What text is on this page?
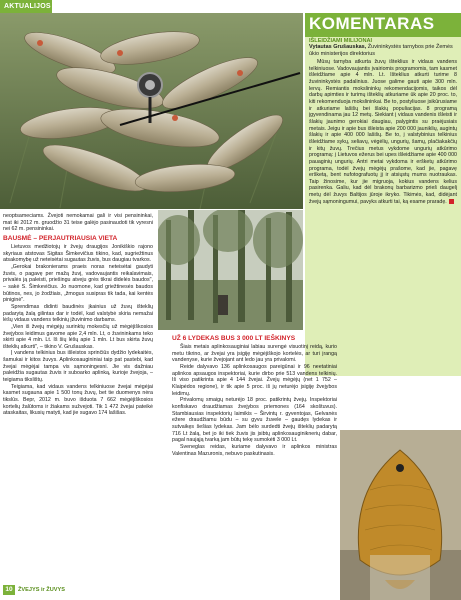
AKTUALIJOS
KOMENTARAS
IŠLEIDŽIAMI MILIJONAI
Vytautas Grušauskas, Žuvininkystės tarnybos prie Žemės ūkio ministerijos direktorius
Mūsų tarnyba atkurta žuvų išteklius ir vidaus vandens telkiniuose. Vadovaujantis įvairiomis programomis, tam kasmet išleidžiame apie 4 mln. Lt. Išteklius atkurti turime 8 žuvininkystės padalinius. Juose galime gauti apie 300 mln. lervų. Remiantis mokslininkų rekomendacijomis, taikos dėl darbų apimties ir turimų išteklių atkuriame ūk apie 20 proc. to, kiti rekomenduoja mokslininkai. Be to, postyliuose įsikūrusiame ir atkuriame lašišų bei šlakių populiacijas. 8 programą įgyvendinama jau 12 metų. Siekiant į vidaus vandenis išleisti ir šlakių jaunimo gerokiai daugiau, palygintis su praėjusiais metais. Jeigu ir apie bus išleista apie 200 000 jauniklių, augintų šlakių ir apie 400 000 lašišų. Be to, į valstybinius telkinius išleidžiame sykų, seliavų, vėgėlių, ungurių, šamų, plačiakakčių ir kitų žuvų. Trečius metus vykdome ungurių atkūrimo programą: į Lietuvos ežerus bei upes išleidžiame apie 400 000 pauaginių ungurių. Antri metai vykdoma ir eršketų atkūrimo programa, todėl žvejų mėgėjų prašome, kad jie, pagavę eršketą, bent nufotografuotų jį ir atsiųstų mums nuotraukas. Taip žinosime, kur jie migruoja, kokius vandens kelius pasirenka. Galiu, kad dėl brakonų barbarizmo prieš daugelį metų dėl žuvys Baltijos jūroje ikryko. Tikimės, kad, didėjant žvejų sąmoningumui, pavyks atkurti tai, ką esame praradę.

neoptsameciams. Žvejoti nemokamai gali ir visi pensininkai, mat iki 2012 m. gruodžio 31 teise galėjo pasinaudoti tik vyresni nei 62 m. pensininkai.

BAUSMĖ – PERJAUTRIAUSIA VIETA

Lietuvos medžiotojų ir žvejų draugijos Jonikiškio rajono skyriaus atstovas Sigitas Šimkevičius tikino, kad, sugriežtinus atsakomybę už neteisėtai sugautas žuvis, bus daugiau tvarkos.

„Gerokai brakonierams praeis noras neteisėtai gaudyti žuvis, o pagavę per mažą žuvį, vadovaujantis reikalavimais, privalės ją paleisti, priešingu atveju grės tikrai didelės baudos", – sakė S. Šimkevičius. Jo nuomone, kad griežtinesės baudos būtinos, nes, jo žodžiais, „žmogus susipras tik tada, kai kentės piniginė".

Sprendimas didinti baudinės įkainius už žuvų išteklių padarytą žalą gilintas dar ir todėl, kad valstybė skiria nemažai lėšų vidaus vandens telkinių įžuvinimo darbams.

„Vien iš žvejų mėgėjų surinktų mokesčių už mėgėjiškosios žvejybos leidimus gavome apie 2,4 mln. Lt, o žuvininkams teko skirti apie 4 mln. Lt. Iš šių lėšų apie 1 mln. Lt bus skirta žuvų išteklių atkurti", – tikino V. Grušauskas.

Į vandens telkinius bus išleistos sprinčiūs dydžio lydekaitės, šamukai ir kitos žuvys. Aplinkosaugininiai taip pat pastebi, kad žvejai mėgėjai tampa vis sąmoningesni. Jie vis dažniau paleidžia sugautas žuvis ir suboarko aplinką, kurioje žvejoja, – teigiama tikslištų.

Teigiama, kad vidaus vandens telkiniuose žvejai mėgėjai kasmet sugauna apie 1 500 tonų žuvų, bet tie duomenys nėra tikslūs. Bepr, 2012 m. buvo išduota 7 662 mėgėjiškosios kortelių žalūtoms ir žiakams sužvejoti. Tik 1 472 žvejai pateikė ataskaitas, likusių matyti, kad jie sugavo 174 lašišas.

UŽ 6 LYDEKAS BUS 3 000 LT IEŠKINYS

Šiais metais aplinkosauginiai labiau surengė visuotinį reidą, kurio metu tikrino, ar žvejai yra įsigiję mėgėjiškojo kortelės, ar turi įrangą vandenyse, kurie žvejojant ant ledo jau yra privalomi.

Reide dalyvavo 136 aplinkosaugos pareigūnai ir 96 neetatiniai aplinkos apsaugos inspektoriai, kurie dirbo prie 513 vandens telkinių. Iš viso patikrinta apie 4 144 žvejai. Žvejų mėgėjų (net 1 752 – Klaipėdos regione), ir tik apie 5 proc. iš jų neturėjo įsigiję žvejybos leidimų.

Privalomų smaigų neturėjo 18 proc. patikrintų žvejų. Inspektoriai konfiskavo draudžiamas žvejybos priemones (164 skoštuvus). Stambiausias inspektorių laimikis – Širvintų r. gyventojas, Gelvanės ežere draudžiamu būdu – su gyvu žuvele – gaudęs lydekas ir sutvaikęs šešias lydekas. Jam bėlo surdedti žvejų išteklių padarytą 716 Lt žalą, bet jo iki tiek žuvis jis įsibtų aplinkosauginiknerių dabar, pagal naująją tvarką jam būtų tekę sumokėti 3 000 Lt.

Sveneglas reidas, kuriame dalyvavo ir aplinkos ministras Valentinas Mazuronis, nebuvo paskutinasis.

10 ŽVEJYS ir ŽUVYS
